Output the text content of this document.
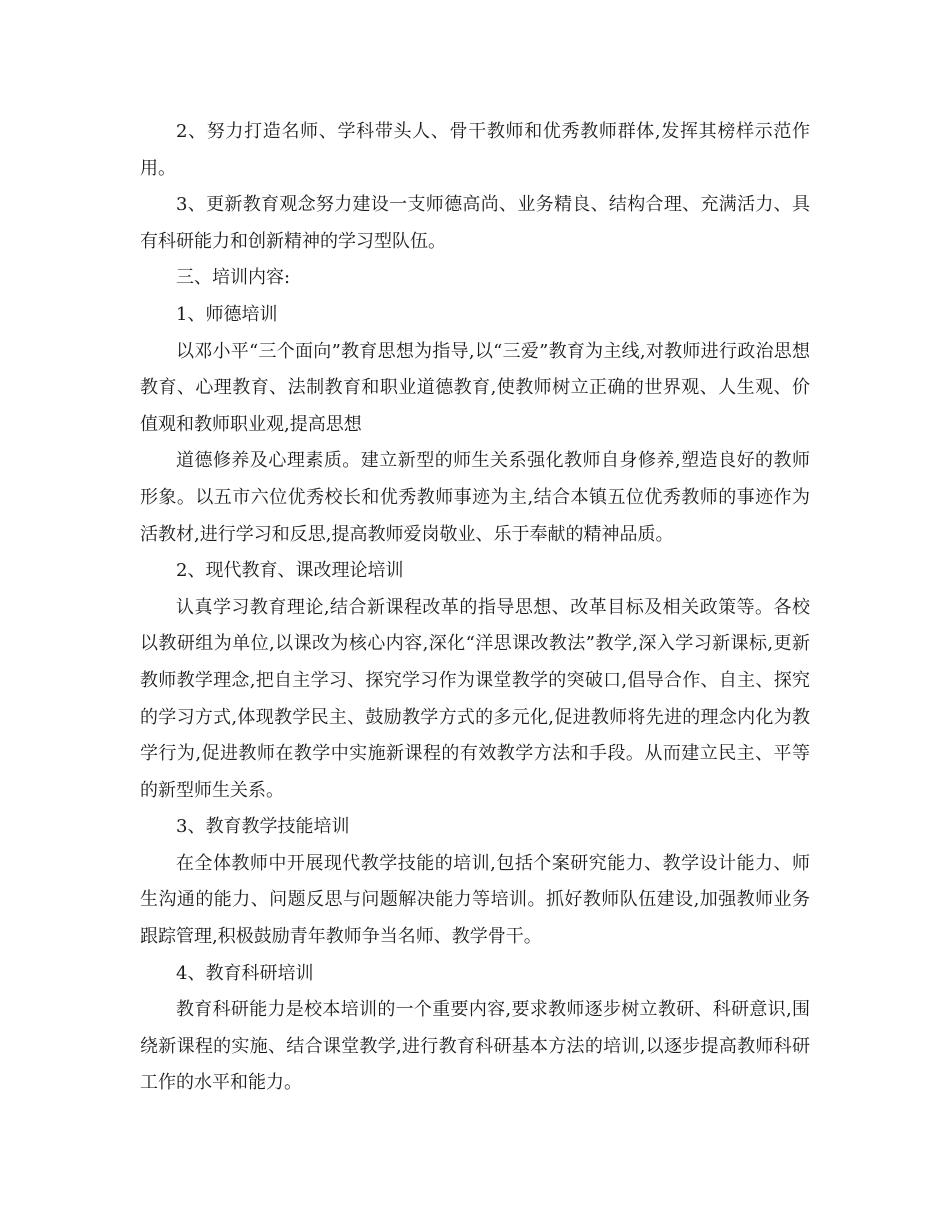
2、努力打造名师、学科带头人、骨干教师和优秀教师群体,发挥其榜样示范作用。

3、更新教育观念努力建设一支师德高尚、业务精良、结构合理、充满活力、具有科研能力和创新精神的学习型队伍。

三、培训内容:

1、师德培训

以邓小平“三个面向”教育思想为指导,以“三爱”教育为主线,对教师进行政治思想教育、心理教育、法制教育和职业道德教育,使教师树立正确的世界观、人生观、价值观和教师职业观,提高思想

道德修养及心理素质。建立新型的师生关系强化教师自身修养,塑造良好的教师形象。以五市六位优秀校长和优秀教师事迹为主,结合本镇五位优秀教师的事迹作为活教材,进行学习和反思,提高教师爱岗敬业、乐于奉献的精神品质。

2、现代教育、课改理论培训

认真学习教育理论,结合新课程改革的指导思想、改革目标及相关政策等。各校以教研组为单位,以课改为核心内容,深化“洋思课改教法”教学,深入学习新课标,更新教师教学理念,把自主学习、探究学习作为课堂教学的突破口,倡导合作、自主、探究的学习方式,体现教学民主、鼓励教学方式的多元化,促进教师将先进的理念内化为教学行为,促进教师在教学中实施新课程的有效教学方法和手段。从而建立民主、平等的新型师生关系。

3、教育教学技能培训

在全体教师中开展现代教学技能的培训,包括个案研究能力、教学设计能力、师生沟通的能力、问题反思与问题解决能力等培训。抓好教师队伍建设,加强教师业务跟踪管理,积极鼓励青年教师争当名师、教学骨干。

4、教育科研培训

教育科研能力是校本培训的一个重要内容,要求教师逐步树立教研、科研意识,围绕新课程的实施、结合课堂教学,进行教育科研基本方法的培训,以逐步提高教师科研工作的水平和能力。
